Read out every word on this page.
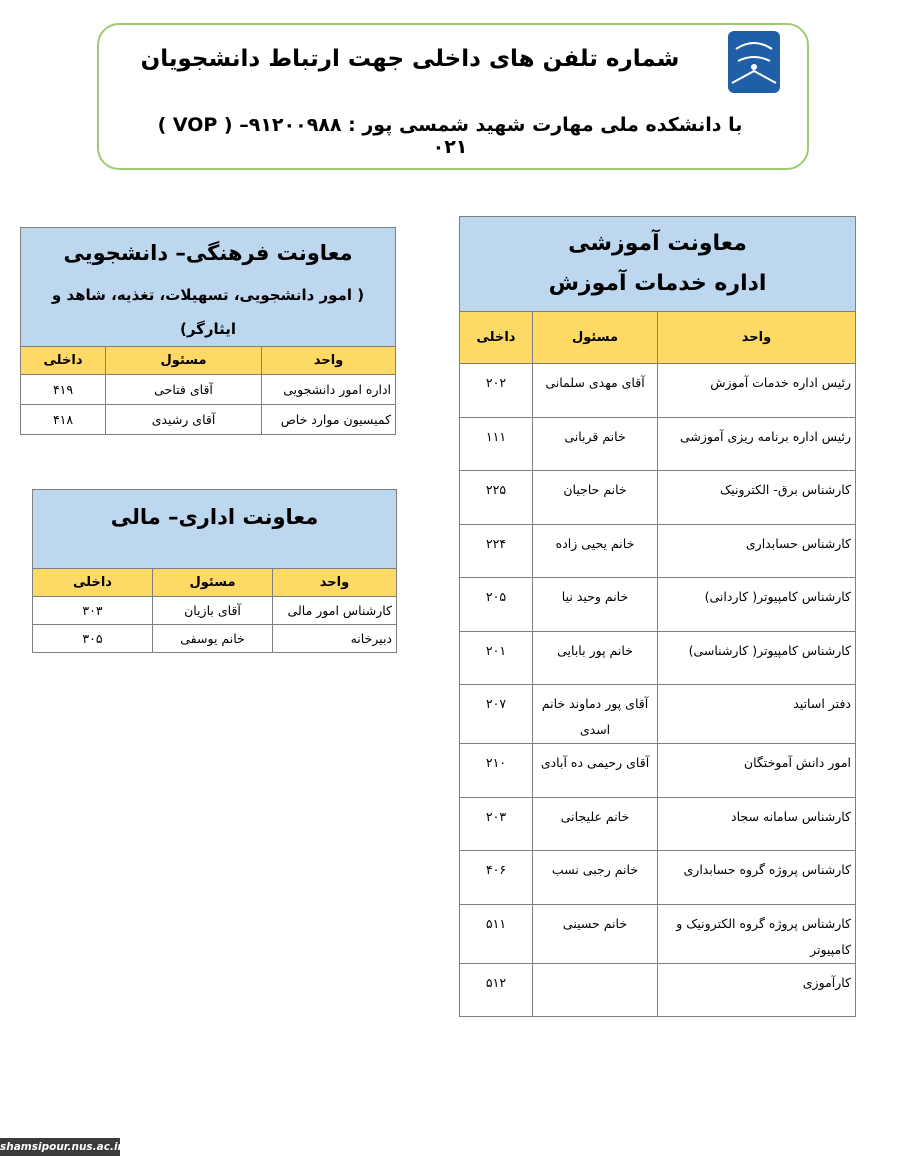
شماره تلفن های داخلی جهت ارتباط دانشجویان
( VOP ) با دانشکده ملی مهارت شهید شمسی پور : ۹۱۲۰۰۹۸۸–۰۲۱
معاونت آموزشی
اداره خدمات آموزش		

واحد	مسئول	داخلی
رئیس اداره خدمات آموزش	آقای مهدی سلمانی	۲۰۲
رئیس اداره برنامه ریزی آموزشی	خانم قربانی	۱۱۱
کارشناس برق- الکترونیک	خانم حاجیان	۲۲۵
کارشناس حسابداری	خانم یحیی زاده	۲۲۴
کارشناس کامپیوتر( کاردانی)	خانم وحید نیا	۲۰۵
کارشناس کامپیوتر( کارشناسی)	خانم پور بابایی	۲۰۱
دفتر اساتید	آقای پور دماوند خانم اسدی	۲۰۷
امور دانش آموختگان	آقای رحیمی ده آبادی	۲۱۰
کارشناس سامانه سجاد	خانم علیجانی	۲۰۳
کارشناس پروژه گروه حسابداری	خانم رجبی نسب	۴۰۶
کارشناس پروژه گروه الکترونیک و کامپیوتر	خانم حسینی	۵۱۱
کارآموزی		۵۱۲
معاونت فرهنگی– دانشجویی
( امور دانشجویی، تسهیلات، تغذیه، شاهد و ایثارگر)		

واحد	مسئول	داخلی
اداره امور دانشجویی	آقای فتاحی	۴۱۹
کمیسیون موارد خاص	آقای رشیدی	۴۱۸
معاونت اداری– مالی		

واحد	مسئول	داخلی
کارشناس امور مالی	آقای بازیان	۳۰۳
دبیرخانه	خانم یوسفی	۳۰۵
shamsipour.nus.ac.ir
